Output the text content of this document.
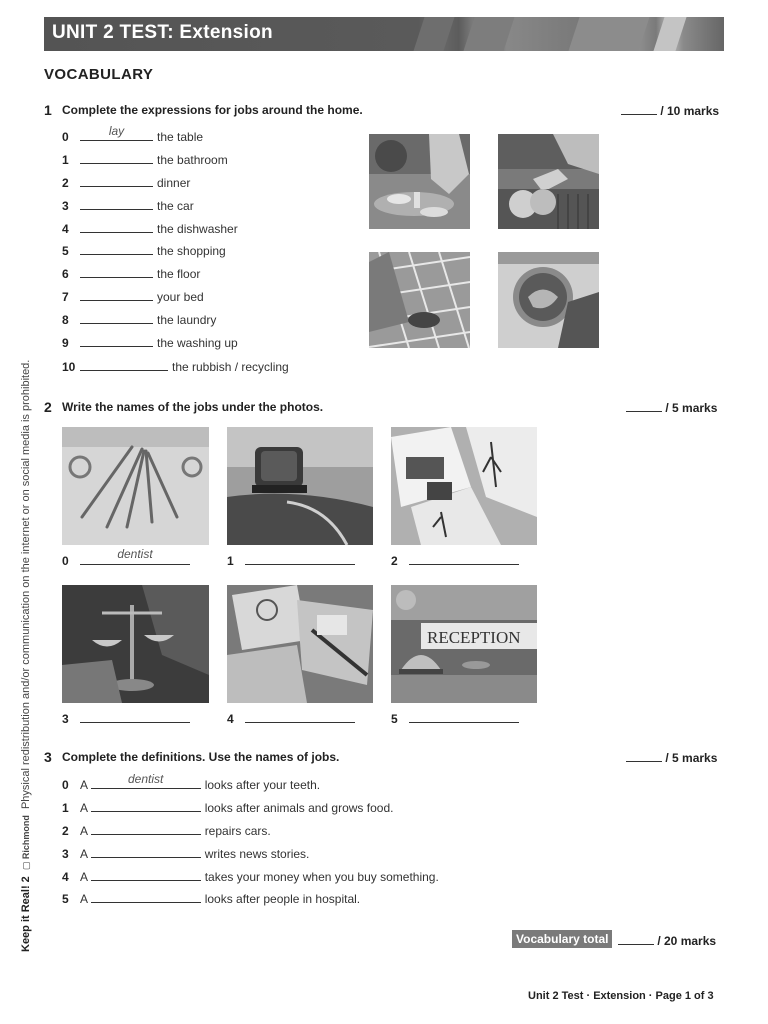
UNIT 2 TEST: Extension
VOCABULARY
1 Complete the expressions for jobs around the home.	/ 10 marks
0	lay	the table
1	the bathroom
2	dinner
3	the car
4	the dishwasher
5	the shopping
6	the floor
7	your bed
8	the laundry
9	the washing up
10	the rubbish / recycling
2 Write the names of the jobs under the photos.	/ 5 marks
0	dentist	1	2
RECEPTION
3	4	5
3 Complete the definitions. Use the names of jobs.	/ 5 marks
0 A	dentist	looks after your teeth.
1 A	looks after animals and grows food.
2 A	repairs cars.
3 A	writes news stories.
4 A	takes your money when you buy something.
5 A	looks after people in hospital.
Vocabulary total	/ 20 marks
Unit 2 Test · Extension · Page 1 of 3
Keep it Real! 2 ▢ Richmond Physical redistribution and/or communication on the internet or on social media is prohibited.
